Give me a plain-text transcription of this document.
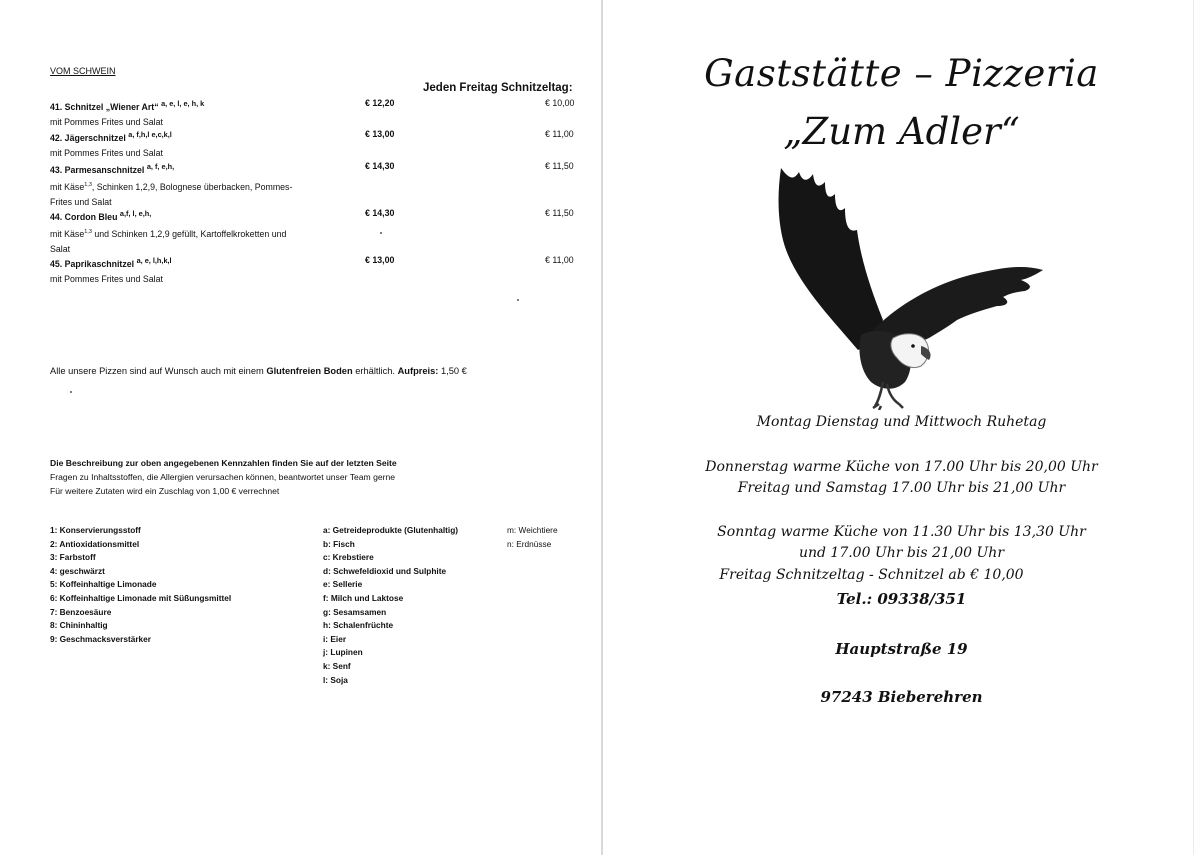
VOM SCHWEIN
Jeden Freitag Schnitzeltag:
41. Schnitzel „Wiener Art“ $^{a, e, l, e, h, k}$
mit Pommes Frites und Salat
€ 12,20	€ 10,00
42. Jägerschnitzel $^{a, f,h,l e,c,k,l}$
mit Pommes Frites und Salat
€ 13,00	€ 11,00
43. Parmesanschnitzel $^{a, f, e,h,}$
mit Käse$^{1,3}$, Schinken 1,2,9, Bolognese überbacken, Pommes-
Frites und Salat
€ 14,30	€ 11,50
44. Cordon Bleu $^{a,f, l, e,h,}$
mit Käse$^{1,3}$ und Schinken 1,2,9 gefüllt, Kartoffelkroketten und
Salat
€ 14,30	€ 11,50
45. Paprikaschnitzel $^{a, e, l,h,k,l}$
mit Pommes Frites und Salat
€ 13,00	€ 11,00
Alle unsere Pizzen sind auf Wunsch auch mit einem Glutenfreien Boden erhältlich. Aufpreis: 1,50 €
Die Beschreibung zur oben angegebenen Kennzahlen finden Sie auf der letzten Seite
Fragen zu Inhaltsstoffen, die Allergien verursachen können, beantwortet unser Team gerne
Für weitere Zutaten wird ein Zuschlag von 1,00 € verrechnet
1: Konservierungsstoff
2: Antioxidationsmittel
3: Farbstoff
4: geschwärzt
5: Koffeinhaltige Limonade
6: Koffeinhaltige Limonade mit Süßungsmittel
7: Benzoesäure
8: Chininhaltig
9: Geschmacksverstärker
a: Getreideprodukte (Glutenhaltig)
b: Fisch
c: Krebstiere
d: Schwefeldioxid und Sulphite
e: Sellerie
f: Milch und Laktose
g: Sesamsamen
h: Schalenfrüchte
i: Eier
j: Lupinen
k: Senf
l: Soja
m: Weichtiere
n: Erdnüsse
Gaststätte – Pizzeria
„Zum Adler“
Montag Dienstag und Mittwoch Ruhetag
Donnerstag warme Küche von 17.00 Uhr bis 20,00 Uhr
Freitag und Samstag 17.00 Uhr bis 21,00 Uhr
Sonntag warme Küche von 11.30 Uhr bis 13,30 Uhr
und 17.00 Uhr bis 21,00 Uhr
Freitag Schnitzeltag - Schnitzel ab € 10,00
Tel.: 09338/351
Hauptstraße 19
97243 Bieberehren
